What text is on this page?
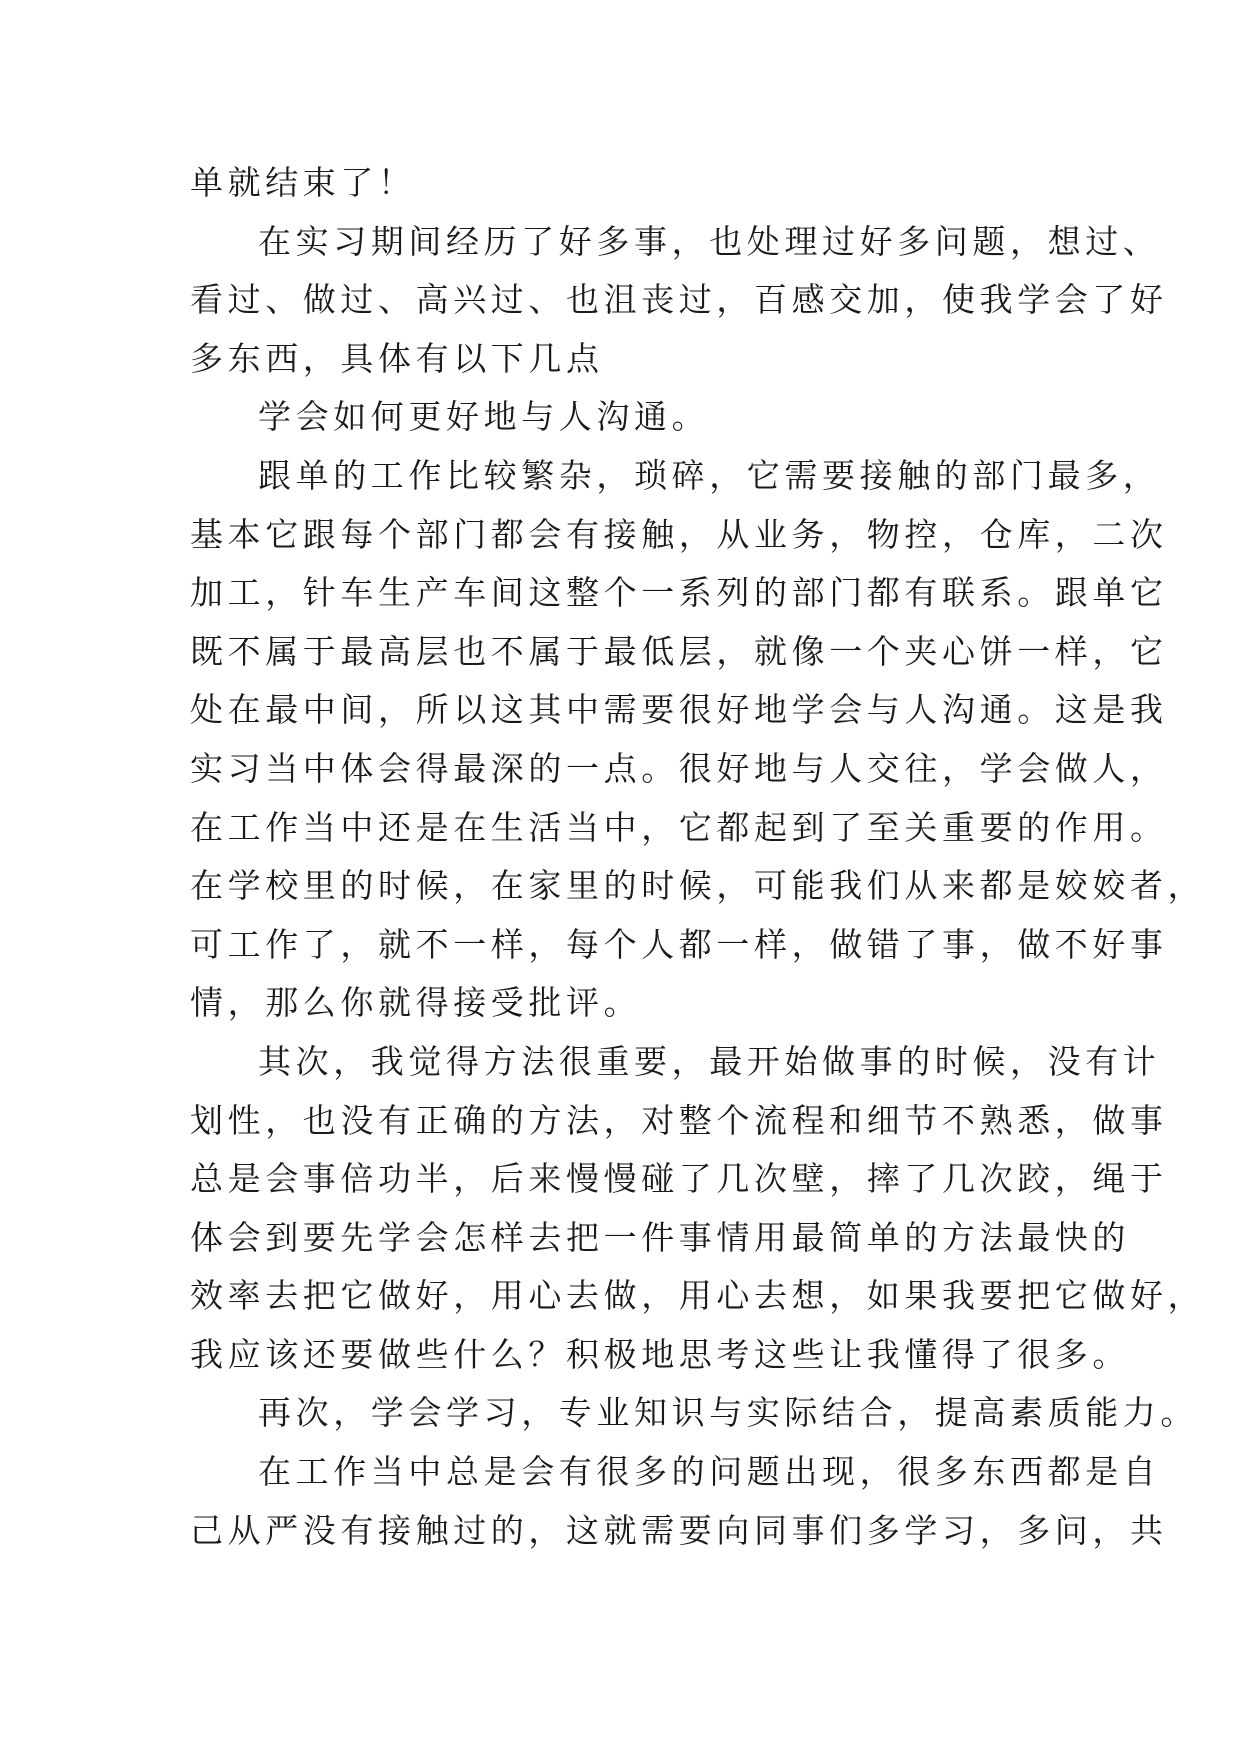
单就结束了！
在实习期间经历了好多事，也处理过好多问题，想过、
看过、做过、高兴过、也沮丧过，百感交加，使我学会了好
多东西，具体有以下几点
学会如何更好地与人沟通。
跟单的工作比较繁杂，琐碎，它需要接触的部门最多，
基本它跟每个部门都会有接触，从业务，物控，仓库，二次
加工，针车生产车间这整个一系列的部门都有联系。跟单它
既不属于最高层也不属于最低层，就像一个夹心饼一样，它
处在最中间，所以这其中需要很好地学会与人沟通。这是我
实习当中体会得最深的一点。很好地与人交往，学会做人，
在工作当中还是在生活当中，它都起到了至关重要的作用。
在学校里的时候，在家里的时候，可能我们从来都是姣姣者，
可工作了，就不一样，每个人都一样，做错了事，做不好事
情，那么你就得接受批评。
其次，我觉得方法很重要，最开始做事的时候，没有计
划性，也没有正确的方法，对整个流程和细节不熟悉，做事
总是会事倍功半，后来慢慢碰了几次壁，摔了几次跤，绳于
体会到要先学会怎样去把一件事情用最简单的方法最快的
效率去把它做好，用心去做，用心去想，如果我要把它做好，
我应该还要做些什么？积极地思考这些让我懂得了很多。
再次，学会学习，专业知识与实际结合，提高素质能力。
在工作当中总是会有很多的问题出现，很多东西都是自
己从严没有接触过的，这就需要向同事们多学习，多问，共
